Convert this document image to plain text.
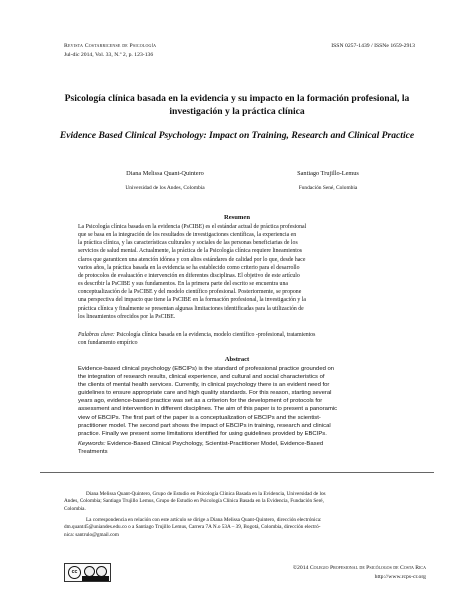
Revista Costarricense de Psicología	ISSN 0257-1439 / ISSNe 1659-2913
Jul-dic 2014, Vol. 33, N.º 2, p. 123-136
Psicología clínica basada en la evidencia y su impacto en la formación profesional, la investigación y la práctica clínica
Evidence Based Clinical Psychology: Impact on Training, Research and Clinical Practice
Diana Melissa Quant-Quintero	Santiago Trujillo-Lemus
Universidad de los Andes, Colombia	Fundación Sené, Colombia
Resumen
La Psicología clínica basada en la evidencia (PsCIBE) es el estándar actual de práctica profesional
que se basa en la integración de los resultados de investigaciones científicas, la experiencia en
la práctica clínica, y las características culturales y sociales de las personas beneficiarias de los
servicios de salud mental. Actualmente, la práctica de la Psicología clínica requiere lineamientos
claros que garanticen una atención idónea y con altos estándares de calidad por lo que, desde hace
varios años, la práctica basada en la evidencia se ha establecido como criterio para el desarrollo
de protocolos de evaluación e intervención en diferentes disciplinas. El objetivo de este artículo
es describir la PsCIBE y sus fundamentos. En la primera parte del escrito se encuentra una
conceptualización de la PsCIBE y del modelo científico profesional. Posteriormente, se propone
una perspectiva del impacto que tiene la PsCIBE en la formación profesional, la investigación y la
práctica clínica y finalmente se presentan algunas limitaciones identificadas para la utilización de
los lineamientos ofrecidos por la PsCIBE.
Palabras clave: Psicología clínica basada en la evidencia, modelo científico -profesional, tratamientos
con fundamento empírico
Abstract
Evidence-based clinical psychology (EBCIPs) is the standard of professional practice grounded on
the integration of research results, clinical experience, and cultural and social characteristics of
the clients of mental health services. Currently, in clinical psychology there is an evident need for
guidelines to ensure appropriate care and high quality standards. For this reason, starting several
years ago, evidence-based practice was set as a criterion for the development of protocols for
assessment and intervention in different disciplines. The aim of this paper is to present a panoramic
view of EBCIPs. The first part of the paper is a conceptualization of EBCIPs and the scientist-
practitioner model. The second part shows the impact of EBCIPs in training, research and clinical
practice. Finally we present some limitations identified for using guidelines provided by EBCIPs.
Keywords: Evidence-Based Clinical Psychology, Scientist-Practitioner Model, Evidence-Based
Treatments
Diana Melissa Quant-Quintero, Grupo de Estudio en Psicología Clínica Basada en la Evidencia, Universidad de los
Andes, Colombia; Santiago Trujillo Lemus, Grupo de Estudio en Psicología Clínica Basada en la Evidencia, Fundación Seré,
Colombia.
La correspondencia en relación con este artículo se dirige a Diana Melissa Quant-Quintero, dirección electrónica:
dm.quant45@uniandes.edu.co o a Santiago Trujillo Lemus, Carrera 7A N.o 53A – 39, Bogotá, Colombia, dirección electró-
nica: santrulo@gmail.com
cc
©2014 Colegio Profesional de Psicólogos de Costa Rica
http://www.rcps-cr.org
